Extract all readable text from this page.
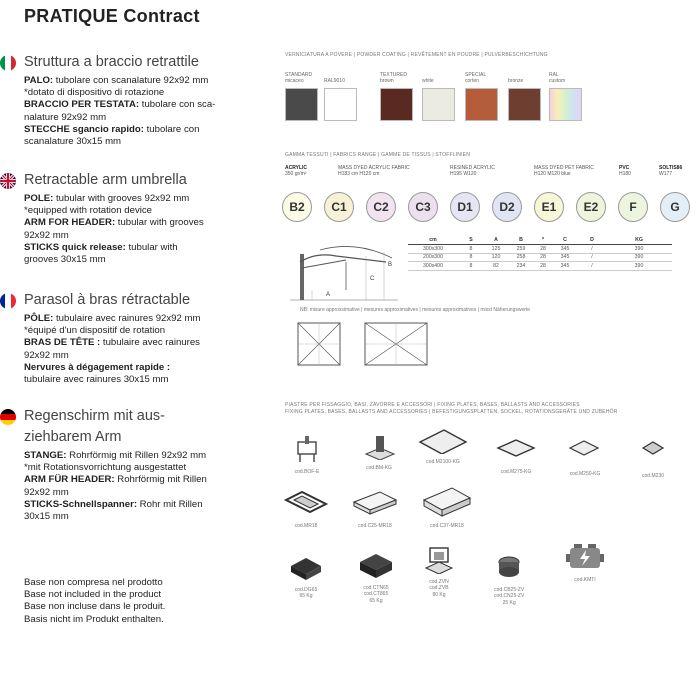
PRATIQUE Contract
Struttura a braccio retrattile
PALO: tubolare con scanalature 92x92 mm
*dotato di dispositivo di rotazione
BRACCIO PER TESTATA: tubolare con sca-
nalature 92x92 mm
STECCHE sgancio rapido: tubolare con
scanalature 30x15 mm
Retractable arm umbrella
POLE: tubular with grooves 92x92 mm
*equipped with rotation device
ARM FOR HEADER: tubular with grooves
92x92 mm
STICKS quick release: tubular with
grooves 30x15 mm
Parasol à bras rétractable
PÔLE: tubulaire avec rainures 92x92 mm
*équipé d'un dispositif de rotation
BRAS DE TÊTE : tubulaire avec rainures
92x92 mm
Nervures à dégagement rapide :
tubulaire avec rainures 30x15 mm
Regenschirm mit aus-
ziehbarem Arm
STANGE: Rohrförmig mit Rillen 92x92 mm
*mit Rotationsvorrichtung ausgestattet
ARM FÜR HEADER: Rohrförmig mit Rillen
92x92 mm
STICKS-Schnellspanner: Rohr mit Rillen
30x15 mm
Base non compresa nel prodotto
Base not included in the product
Base non incluse dans le produit.
Basis nicht im Produkt enthalten.
VERNICIATURA A POVERE | POWDER COATING | REVÊTEMENT EN POUDRE | PULVERBESCHICHTUNG
STANDARD
micaceo
	RAL9010
TEXTURED
brown
	white
SPECIAL
corten
	bronze
RAL
custom
GAMMA TESSUTI | FABRICS RANGE | GAMME DE TISSUS | STOFFLINIEN
ACRYLIC
350 gr/m²
MASS DYED ACRYLIC FABRIC
H183 cm H120 cm
RESINED ACRYLIC
H195 W120
MASS DYED PET FABRIC
H120 M120 blue
PVC
H180
SOLTIS86
W177
B2	C1	C2	C3	D1	D2	E1	E2	F	G
A
B
C
cm	S	A	B	*	C	D	KG
300x300	8	125	259	28	345	/	390
200x300	8	120	258	28	345	/	390
300x400	8	82	234	28	345	/	390
NB: misure approssimative | mesures approximatives | mesures approximatives | misst Näherungswerte
PIASTRE PER FISSAGGIO, BASI, ZAVORRE E ACCESSORI | FIXING PLATES, BASES, BALLASTS AND ACCESSORIES
FIXING PLATES, BASES, BALLASTS AND ACCESSORIES | BEFESTIGUNGSPLATTEN, SOCKEL, ROTATIONSGERÄTE UND ZUBEHÖR
cod.BOF-E
cod.BM-KG
cod.M2100-KG
cod.M275-KG	cod.M250-KG	cod.M230
cod.MR18	cod.C25-MR18	cod.C37-MR18
cod.DG65
65 Kg
cod.CTN65
cod.CT865
65 Kg
cod.ZVN
cod.ZVB
80 Kg
cod.CB25-ZV
cod.CN25-ZV
25 Kg
cod.KMTI
